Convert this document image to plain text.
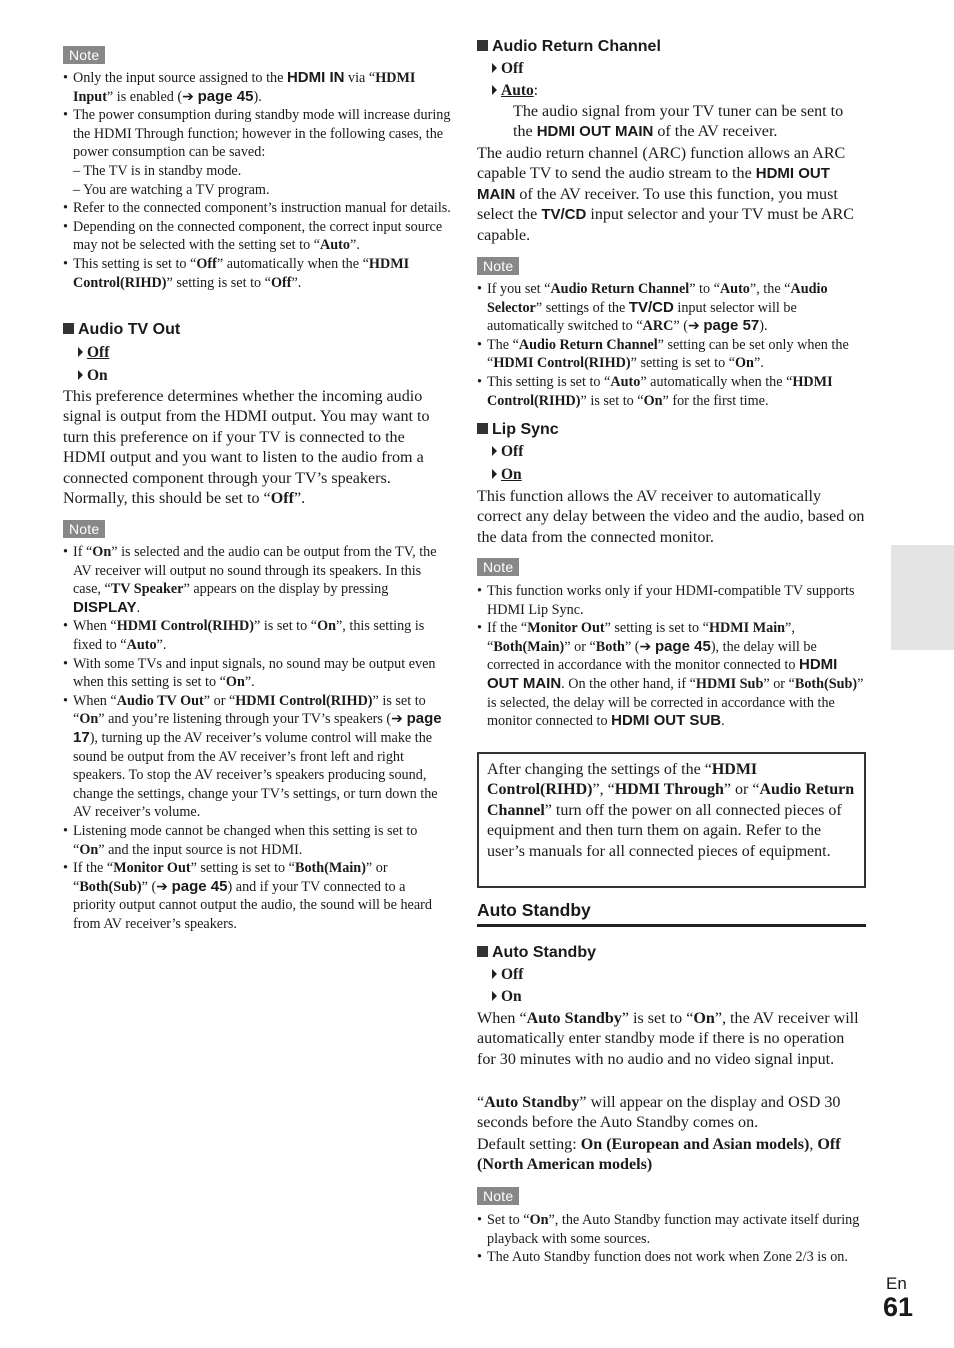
Note
• Only the input source assigned to the HDMI IN via “HDMI Input” is enabled (➔ page 45).
• The power consumption during standby mode will increase during the HDMI Through function; however in the following cases, the power consumption can be saved:
– The TV is in standby mode.
– You are watching a TV program.
• Refer to the connected component’s instruction manual for details.
• Depending on the connected component, the correct input source may not be selected with the setting set to “Auto”.
• This setting is set to “Off” automatically when the “HDMI Control(RIHD)” setting is set to “Off”.
Audio TV Out
Off
On
This preference determines whether the incoming audio signal is output from the HDMI output. You may want to turn this preference on if your TV is connected to the HDMI output and you want to listen to the audio from a connected component through your TV’s speakers. Normally, this should be set to “Off”.
Note
• If “On” is selected and the audio can be output from the TV, the AV receiver will output no sound through its speakers. In this case, “TV Speaker” appears on the display by pressing DISPLAY.
• When “HDMI Control(RIHD)” is set to “On”, this setting is fixed to “Auto”.
• With some TVs and input signals, no sound may be output even when this setting is set to “On”.
• When “Audio TV Out” or “HDMI Control(RIHD)” is set to “On” and you’re listening through your TV’s speakers (➔ page 17), turning up the AV receiver’s volume control will make the sound be output from the AV receiver’s front left and right speakers. To stop the AV receiver’s speakers producing sound, change the settings, change your TV’s settings, or turn down the AV receiver’s volume.
• Listening mode cannot be changed when this setting is set to “On” and the input source is not HDMI.
• If the “Monitor Out” setting is set to “Both(Main)” or “Both(Sub)” (➔ page 45) and if your TV connected to a priority output cannot output the audio, the sound will be heard from AV receiver’s speakers.
Audio Return Channel
Off
Auto:
The audio signal from your TV tuner can be sent to the HDMI OUT MAIN of the AV receiver.
The audio return channel (ARC) function allows an ARC capable TV to send the audio stream to the HDMI OUT MAIN of the AV receiver. To use this function, you must select the TV/CD input selector and your TV must be ARC capable.
Note
• If you set “Audio Return Channel” to “Auto”, the “Audio Selector” settings of the TV/CD input selector will be automatically switched to “ARC” (➔ page 57).
• The “Audio Return Channel” setting can be set only when the “HDMI Control(RIHD)” setting is set to “On”.
• This setting is set to “Auto” automatically when the “HDMI Control(RIHD)” is set to “On” for the first time.
Lip Sync
Off
On
This function allows the AV receiver to automatically correct any delay between the video and the audio, based on the data from the connected monitor.
Note
• This function works only if your HDMI-compatible TV supports HDMI Lip Sync.
• If the “Monitor Out” setting is set to “HDMI Main”, “Both(Main)” or “Both” (➔ page 45), the delay will be corrected in accordance with the monitor connected to HDMI OUT MAIN. On the other hand, if “HDMI Sub” or “Both(Sub)” is selected, the delay will be corrected in accordance with the monitor connected to HDMI OUT SUB.
After changing the settings of the “HDMI Control(RIHD)”, “HDMI Through” or “Audio Return Channel” turn off the power on all connected pieces of equipment and then turn them on again. Refer to the user’s manuals for all connected pieces of equipment.
Auto Standby
Auto Standby
Off
On
When “Auto Standby” is set to “On”, the AV receiver will automatically enter standby mode if there is no operation for 30 minutes with no audio and no video signal input.
“Auto Standby” will appear on the display and OSD 30 seconds before the Auto Standby comes on.
Default setting: On (European and Asian models), Off (North American models)
Note
• Set to “On”, the Auto Standby function may activate itself during playback with some sources.
• The Auto Standby function does not work when Zone 2/3 is on.
En
61
